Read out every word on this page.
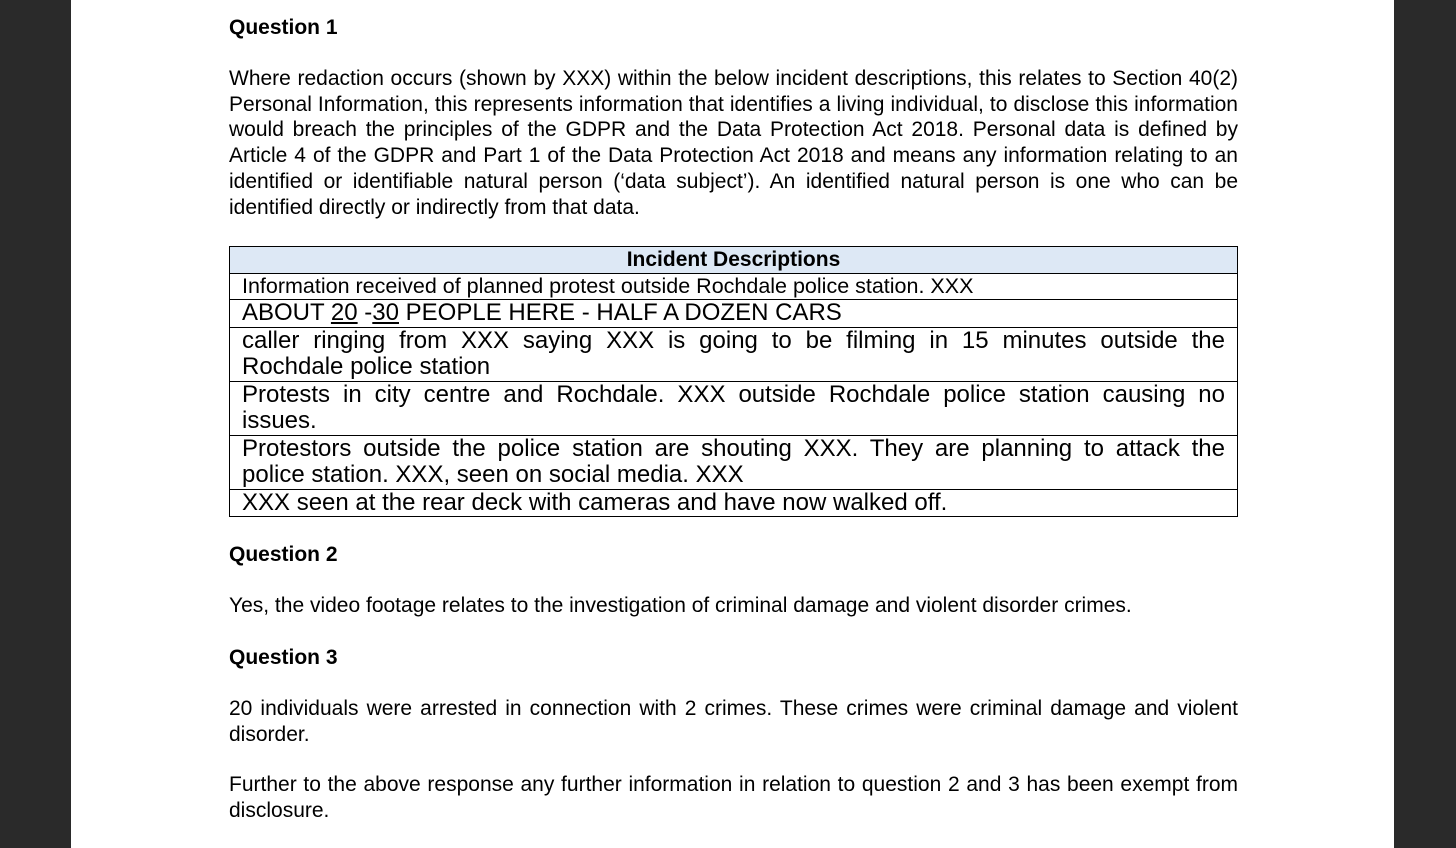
Question 1

Where redaction occurs (shown by XXX) within the below incident descriptions, this relates to Section 40(2) Personal Information, this represents information that identifies a living individual, to disclose this information would breach the principles of the GDPR and the Data Protection Act 2018. Personal data is defined by Article 4 of the GDPR and Part 1 of the Data Protection Act 2018 and means any information relating to an identified or identifiable natural person (‘data subject’). An identified natural person is one who can be identified directly or indirectly from that data.

Incident Descriptions
Information received of planned protest outside Rochdale police station. XXX
ABOUT 20 -30 PEOPLE HERE - HALF A DOZEN CARS
caller ringing from XXX saying XXX is going to be filming in 15 minutes outside the Rochdale police station
Protests in city centre and Rochdale. XXX outside Rochdale police station causing no issues.
Protestors outside the police station are shouting XXX. They are planning to attack the police station. XXX, seen on social media. XXX
XXX seen at the rear deck with cameras and have now walked off.
Question 2

Yes, the video footage relates to the investigation of criminal damage and violent disorder crimes.

Question 3

20 individuals were arrested in connection with 2 crimes. These crimes were criminal damage and violent disorder.

Further to the above response any further information in relation to question 2 and 3 has been exempt from disclosure.
